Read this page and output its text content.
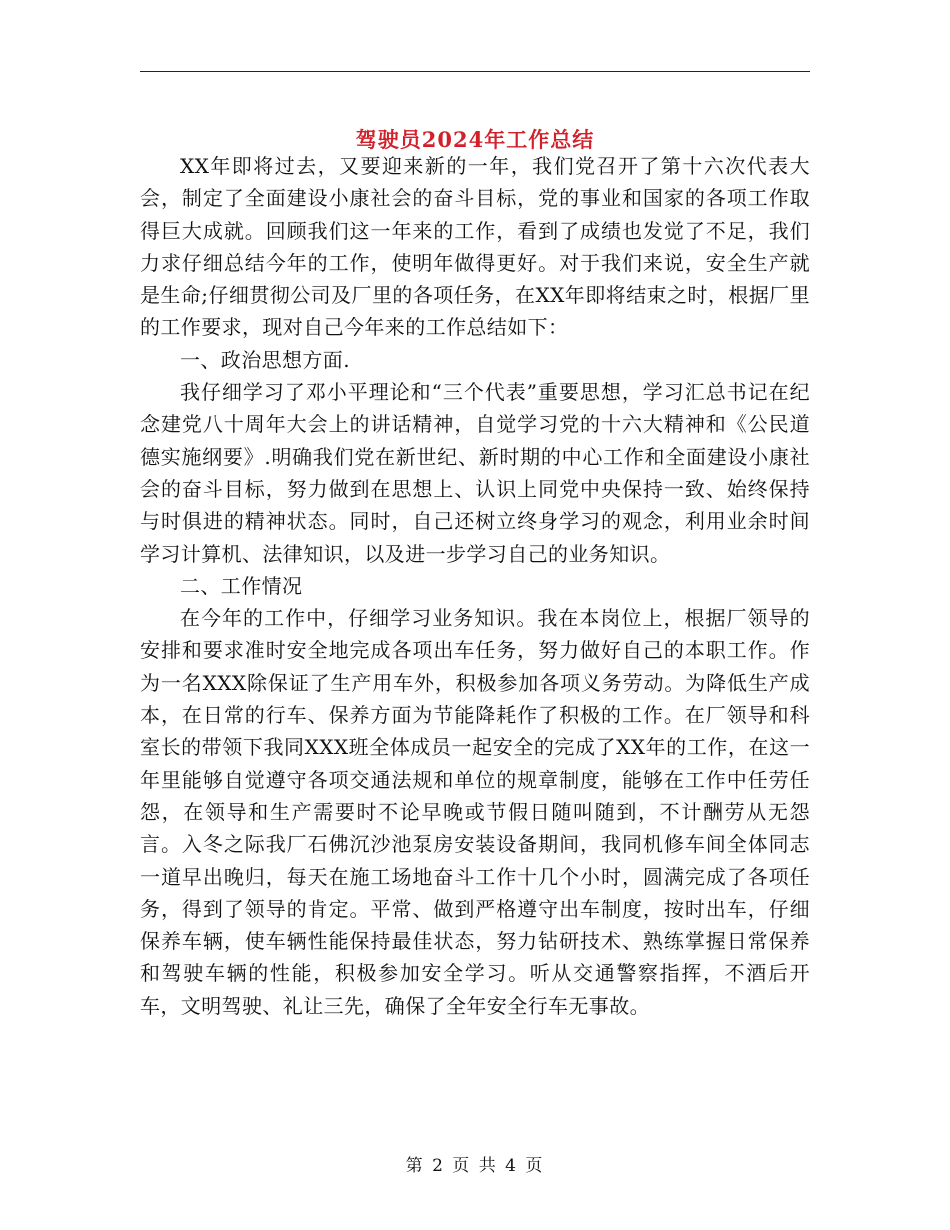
驾驶员2024年工作总结

XX年即将过去，又要迎来新的一年，我们党召开了第十六次代表大会，制定了全面建设小康社会的奋斗目标，党的事业和国家的各项工作取得巨大成就。回顾我们这一年来的工作，看到了成绩也发觉了不足，我们力求仔细总结今年的工作，使明年做得更好。对于我们来说，安全生产就是生命;仔细贯彻公司及厂里的各项任务，在XX年即将结束之时，根据厂里的工作要求，现对自己今年来的工作总结如下：

一、政治思想方面.

我仔细学习了邓小平理论和“三个代表”重要思想，学习汇总书记在纪念建党八十周年大会上的讲话精神，自觉学习党的十六大精神和《公民道德实施纲要》.明确我们党在新世纪、新时期的中心工作和全面建设小康社会的奋斗目标，努力做到在思想上、认识上同党中央保持一致、始终保持与时俱进的精神状态。同时，自己还树立终身学习的观念，利用业余时间学习计算机、法律知识，以及进一步学习自己的业务知识。

二、工作情况

在今年的工作中，仔细学习业务知识。我在本岗位上，根据厂领导的安排和要求准时安全地完成各项出车任务，努力做好自己的本职工作。作为一名XXX除保证了生产用车外，积极参加各项义务劳动。为降低生产成本，在日常的行车、保养方面为节能降耗作了积极的工作。在厂领导和科室长的带领下我同XXX班全体成员一起安全的完成了XX年的工作，在这一年里能够自觉遵守各项交通法规和单位的规章制度，能够在工作中任劳任怨，在领导和生产需要时不论早晚或节假日随叫随到，不计酬劳从无怨言。入冬之际我厂石佛沉沙池泵房安装设备期间，我同机修车间全体同志一道早出晚归，每天在施工场地奋斗工作十几个小时，圆满完成了各项任务，得到了领导的肯定。平常、做到严格遵守出车制度，按时出车，仔细保养车辆，使车辆性能保持最佳状态，努力钻研技术、熟练掌握日常保养和驾驶车辆的性能，积极参加安全学习。听从交通警察指挥，不酒后开车，文明驾驶、礼让三先，确保了全年安全行车无事故。

第 2 页 共 4 页
